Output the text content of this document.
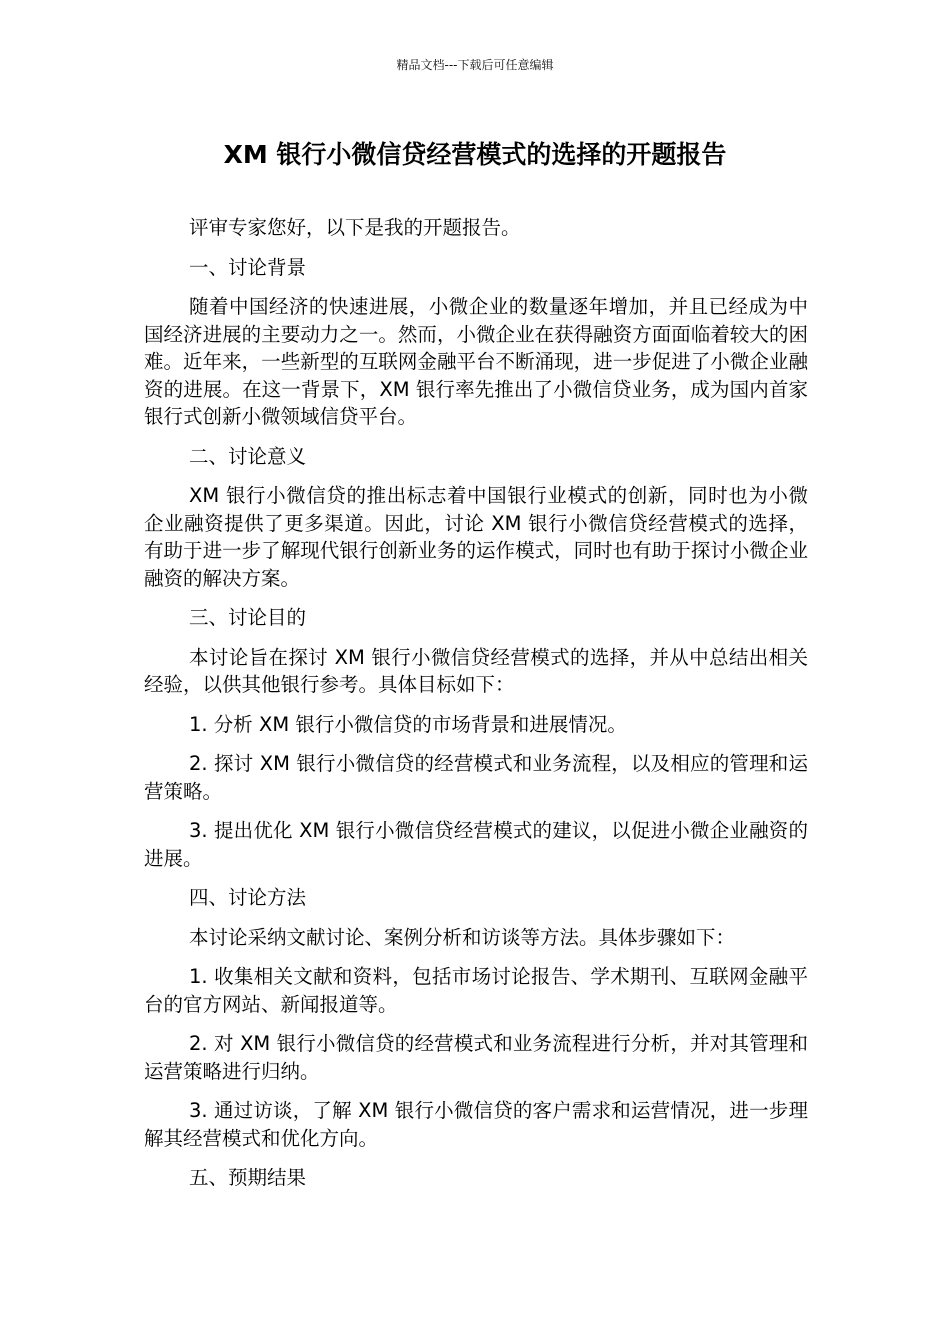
精品文档---下载后可任意编辑
XM 银行小微信贷经营模式的选择的开题报告

评审专家您好，以下是我的开题报告。

一、讨论背景

随着中国经济的快速进展，小微企业的数量逐年增加，并且已经成为中国经济进展的主要动力之一。然而，小微企业在获得融资方面面临着较大的困难。近年来，一些新型的互联网金融平台不断涌现，进一步促进了小微企业融资的进展。在这一背景下，XM 银行率先推出了小微信贷业务，成为国内首家银行式创新小微领域信贷平台。

二、讨论意义

XM 银行小微信贷的推出标志着中国银行业模式的创新，同时也为小微企业融资提供了更多渠道。因此，讨论 XM 银行小微信贷经营模式的选择，有助于进一步了解现代银行创新业务的运作模式，同时也有助于探讨小微企业融资的解决方案。

三、讨论目的

本讨论旨在探讨 XM 银行小微信贷经营模式的选择，并从中总结出相关经验，以供其他银行参考。具体目标如下：

1. 分析 XM 银行小微信贷的市场背景和进展情况。

2. 探讨 XM 银行小微信贷的经营模式和业务流程，以及相应的管理和运营策略。

3. 提出优化 XM 银行小微信贷经营模式的建议，以促进小微企业融资的进展。

四、讨论方法

本讨论采纳文献讨论、案例分析和访谈等方法。具体步骤如下：

1. 收集相关文献和资料，包括市场讨论报告、学术期刊、互联网金融平台的官方网站、新闻报道等。

2. 对 XM 银行小微信贷的经营模式和业务流程进行分析，并对其管理和运营策略进行归纳。

3. 通过访谈，了解 XM 银行小微信贷的客户需求和运营情况，进一步理解其经营模式和优化方向。

五、预期结果
